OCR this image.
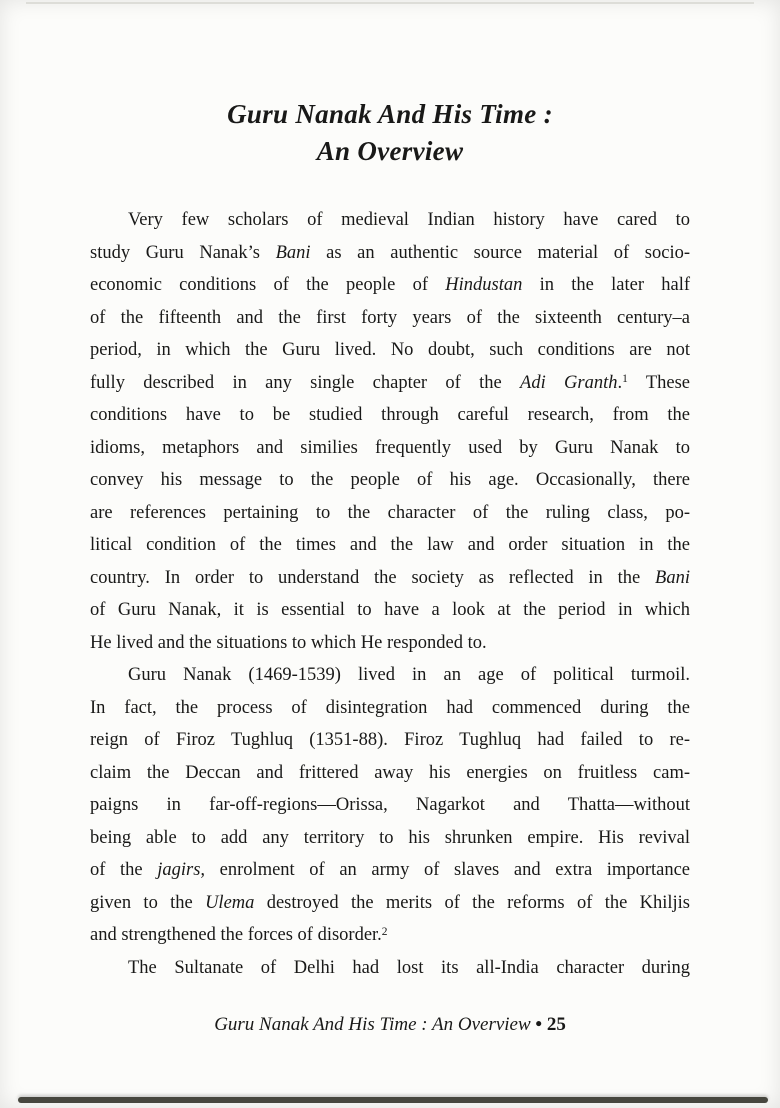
Guru Nanak And His Time :
An Overview

Very few scholars of medieval Indian history have cared to
study Guru Nanak’s Bani as an authentic source material of socio-
economic conditions of the people of Hindustan in the later half
of the fifteenth and the first forty years of the sixteenth century–a
period, in which the Guru lived. No doubt, such conditions are not
fully described in any single chapter of the Adi Granth.$^1$ These
conditions have to be studied through careful research, from the
idioms, metaphors and similies frequently used by Guru Nanak to
convey his message to the people of his age. Occasionally, there
are references pertaining to the character of the ruling class, po-
litical condition of the times and the law and order situation in the
country. In order to understand the society as reflected in the Bani
of Guru Nanak, it is essential to have a look at the period in which
He lived and the situations to which He responded to.

Guru Nanak (1469-1539) lived in an age of political turmoil.
In fact, the process of disintegration had commenced during the
reign of Firoz Tughluq (1351-88). Firoz Tughluq had failed to re-
claim the Deccan and frittered away his energies on fruitless cam-
paigns in far-off-regions—Orissa, Nagarkot and Thatta—without
being able to add any territory to his shrunken empire. His revival
of the jagirs, enrolment of an army of slaves and extra importance
given to the Ulema destroyed the merits of the reforms of the Khiljis
and strengthened the forces of disorder.$^2$

The Sultanate of Delhi had lost its all-India character during

Guru Nanak And His Time : An Overview • 25
